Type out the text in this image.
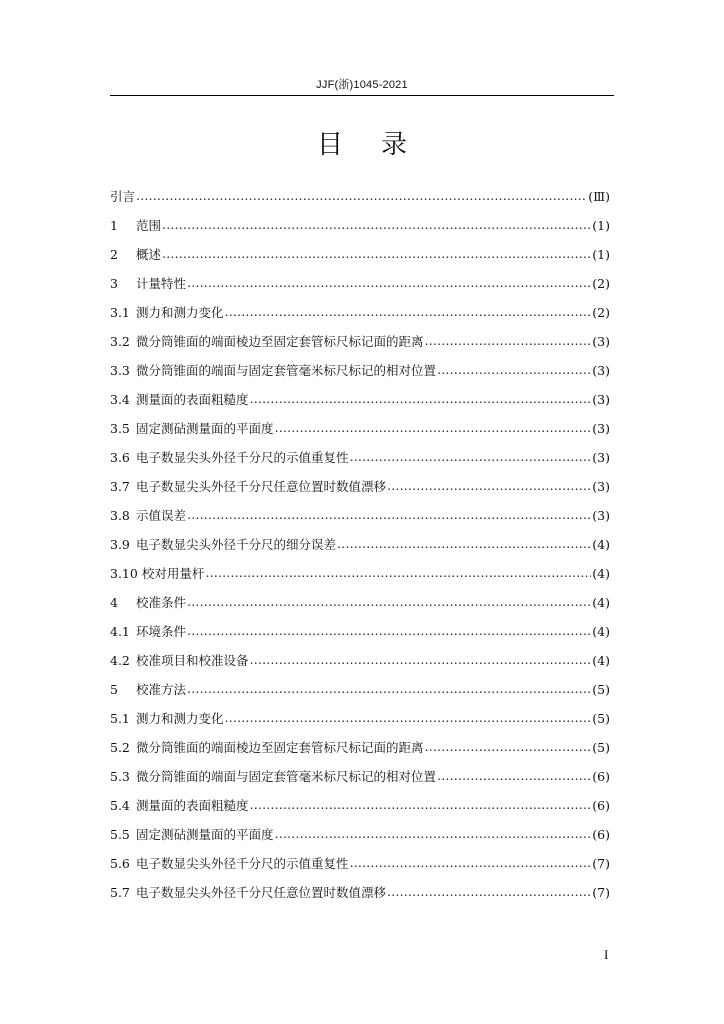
JJF(浙)1045-2021
目录
引言 ………………………………………………………………………………………………………………………………………………………………………………	(Ⅲ)
1	范围 ………………………………………………………………………………………………………………………………………………………………………………	(1)
2	概述 ………………………………………………………………………………………………………………………………………………………………………………	(1)
3	计量特性 ………………………………………………………………………………………………………………………………………………………………………………	(2)
3.1 测力和测力变化 ………………………………………………………………………………………………………………………………………………………………………………	(2)
3.2 微分筒锥面的端面棱边至固定套管标尺标记面的距离 ………………………………………………………………………………………………………………………………………………………………………………	(3)
3.3 微分筒锥面的端面与固定套管毫米标尺标记的相对位置 ………………………………………………………………………………………………………………………………………………………………………………	(3)
3.4 测量面的表面粗糙度 ………………………………………………………………………………………………………………………………………………………………………………	(3)
3.5 固定测砧测量面的平面度 ………………………………………………………………………………………………………………………………………………………………………………	(3)
3.6 电子数显尖头外径千分尺的示值重复性 ………………………………………………………………………………………………………………………………………………………………………………	(3)
3.7 电子数显尖头外径千分尺任意位置时数值漂移 ………………………………………………………………………………………………………………………………………………………………………………	(3)
3.8 示值误差 ………………………………………………………………………………………………………………………………………………………………………………	(3)
3.9 电子数显尖头外径千分尺的细分误差 ………………………………………………………………………………………………………………………………………………………………………………	(4)
3.10 校对用量杆 ………………………………………………………………………………………………………………………………………………………………………………	(4)
4	校准条件 ………………………………………………………………………………………………………………………………………………………………………………	(4)
4.1 环境条件 ………………………………………………………………………………………………………………………………………………………………………………	(4)
4.2 校准项目和校准设备 ………………………………………………………………………………………………………………………………………………………………………………	(4)
5	校准方法 ………………………………………………………………………………………………………………………………………………………………………………	(5)
5.1 测力和测力变化 ………………………………………………………………………………………………………………………………………………………………………………	(5)
5.2 微分筒锥面的端面棱边至固定套管标尺标记面的距离 ………………………………………………………………………………………………………………………………………………………………………………	(5)
5.3 微分筒锥面的端面与固定套管毫米标尺标记的相对位置 ………………………………………………………………………………………………………………………………………………………………………………	(6)
5.4 测量面的表面粗糙度 ………………………………………………………………………………………………………………………………………………………………………………	(6)
5.5 固定测砧测量面的平面度 ………………………………………………………………………………………………………………………………………………………………………………	(6)
5.6 电子数显尖头外径千分尺的示值重复性 ………………………………………………………………………………………………………………………………………………………………………………	(7)
5.7 电子数显尖头外径千分尺任意位置时数值漂移 ………………………………………………………………………………………………………………………………………………………………………………	(7)
I
